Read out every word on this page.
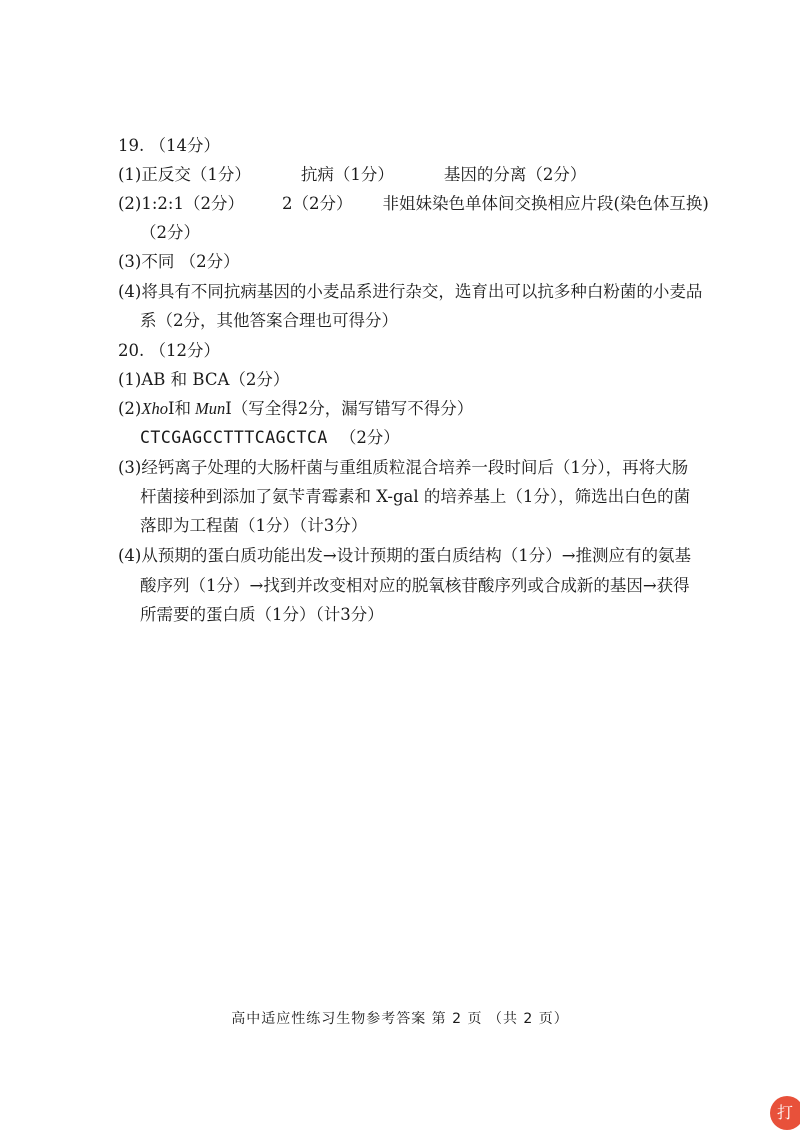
19. （14分）
(1)正反交（1分）	抗病（1分）	基因的分离（2分）
(2)1:2:1（2分） 2（2分） 非姐妹染色单体间交换相应片段(染色体互换)
（2分）
(3)不同 （2分）
(4)将具有不同抗病基因的小麦品系进行杂交，选育出可以抗多种白粉菌的小麦品
系（2分，其他答案合理也可得分）
20. （12分）
(1)AB 和 BCA（2分）
(2)XhoⅠ和 MunⅠ（写全得2分，漏写错写不得分）
CTCGAGCCTTTCAGCTCA （2分）
(3)经钙离子处理的大肠杆菌与重组质粒混合培养一段时间后（1分），再将大肠
杆菌接种到添加了氨苄青霉素和 X-gal 的培养基上（1分），筛选出白色的菌
落即为工程菌（1分）（计3分）
(4)从预期的蛋白质功能出发→设计预期的蛋白质结构（1分）→推测应有的氨基
酸序列（1分）→找到并改变相对应的脱氧核苷酸序列或合成新的基因→获得
所需要的蛋白质（1分）（计3分）
高中适应性练习生物参考答案 第 2 页 （共 2 页）
打
